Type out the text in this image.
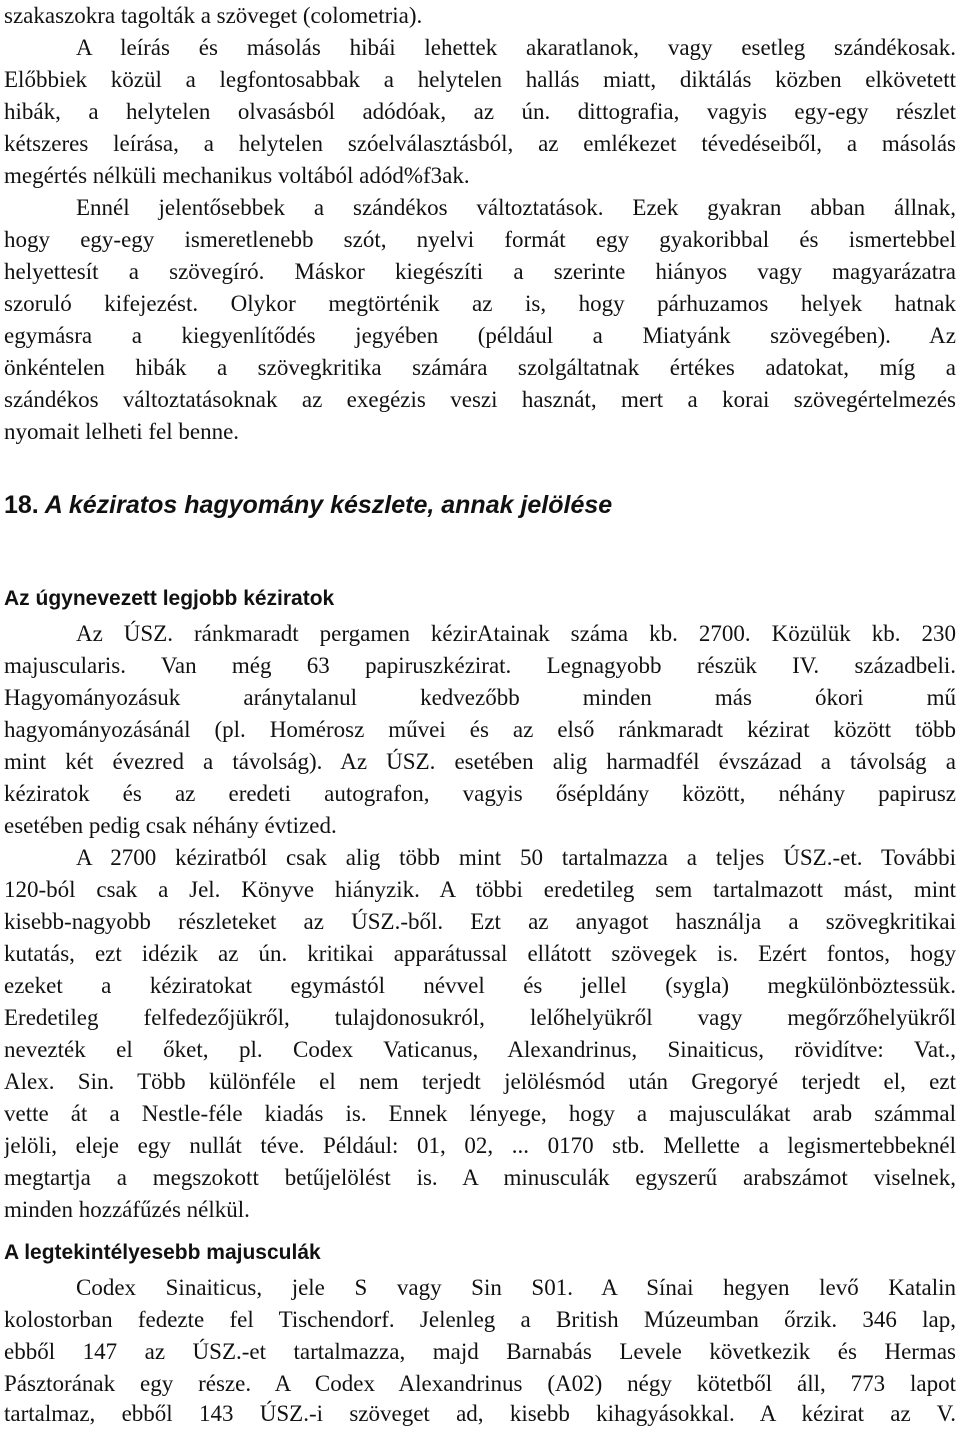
szakaszokra tagolták a szöveget (colometria).
A leírás és másolás hibái lehettek akaratlanok, vagy esetleg szándékosak.
Előbbiek közül a legfontosabbak a helytelen hallás miatt, diktálás közben elkövetett
hibák, a helytelen olvasásból adódóak, az ún. dittografia, vagyis egy-egy részlet
kétszeres leírása, a helytelen szóelválasztásból, az emlékezet tévedéseiből, a másolás
megértés nélküli mechanikus voltából adód%f3ak.
Ennél jelentősebbek a szándékos változtatások. Ezek gyakran abban állnak,
hogy egy-egy ismeretlenebb szót, nyelvi formát egy gyakoribbal és ismertebbel
helyettesít a szövegíró. Máskor kiegészíti a szerinte hiányos vagy magyarázatra
szoruló kifejezést. Olykor megtörténik az is, hogy párhuzamos helyek hatnak
egymásra a kiegyenlítődés jegyében (például a Miatyánk szövegében). Az
önkéntelen hibák a szövegkritika számára szolgáltatnak értékes adatokat, míg a
szándékos változtatásoknak az exegézis veszi hasznát, mert a korai szövegértelmezés
nyomait lelheti fel benne.
18. A kéziratos hagyomány készlete, annak jelölése
Az úgynevezett legjobb kéziratok
Az ÚSZ. ránkmaradt pergamen kézirAtainak száma kb. 2700. Közülük kb. 230
majuscularis. Van még 63 papiruszkézirat. Legnagyobb részük IV. századbeli.
Hagyományozásuk aránytalanul kedvezőbb minden más ókori mű
hagyományozásánál (pl. Homérosz művei és az első ránkmaradt kézirat között több
mint két évezred a távolság). Az ÚSZ. esetében alig harmadfél évszázad a távolság a
kéziratok és az eredeti autografon, vagyis ősépldány között, néhány papirusz
esetében pedig csak néhány évtized.
A 2700 kéziratból csak alig több mint 50 tartalmazza a teljes ÚSZ.-et. További
120-ból csak a Jel. Könyve hiányzik. A többi eredetileg sem tartalmazott mást, mint
kisebb-nagyobb részleteket az ÚSZ.-ből. Ezt az anyagot használja a szövegkritikai
kutatás, ezt idézik az ún. kritikai apparátussal ellátott szövegek is. Ezért fontos, hogy
ezeket a kéziratokat egymástól névvel és jellel (sygla) megkülönböztessük.
Eredetileg felfedezőjükről, tulajdonosukról, lelőhelyükről vagy megőrzőhelyükről
nevezték el őket, pl. Codex Vaticanus, Alexandrinus, Sinaiticus, rövidítve: Vat.,
Alex. Sin. Több különféle el nem terjedt jelölésmód után Gregoryé terjedt el, ezt
vette át a Nestle-féle kiadás is. Ennek lényege, hogy a majusculákat arab számmal
jelöli, eleje egy nullát téve. Például: 01, 02, ... 0170 stb. Mellette a legismertebbeknél
megtartja a megszokott betűjelölést is. A minusculák egyszerű arabszámot viselnek,
minden hozzáfűzés nélkül.
A legtekintélyesebb majusculák
Codex Sinaiticus, jele S vagy Sin S01. A Sínai hegyen levő Katalin
kolostorban fedezte fel Tischendorf. Jelenleg a British Múzeumban őrzik. 346 lap,
ebből 147 az ÚSZ.-et tartalmazza, majd Barnabás Levele következik és Hermas
Pásztorának egy része. A Codex Alexandrinus (A02) négy kötetből áll, 773 lapot
tartalmaz, ebből 143 ÚSZ.-i szöveget ad, kisebb kihagyásokkal. A kézirat az V.
